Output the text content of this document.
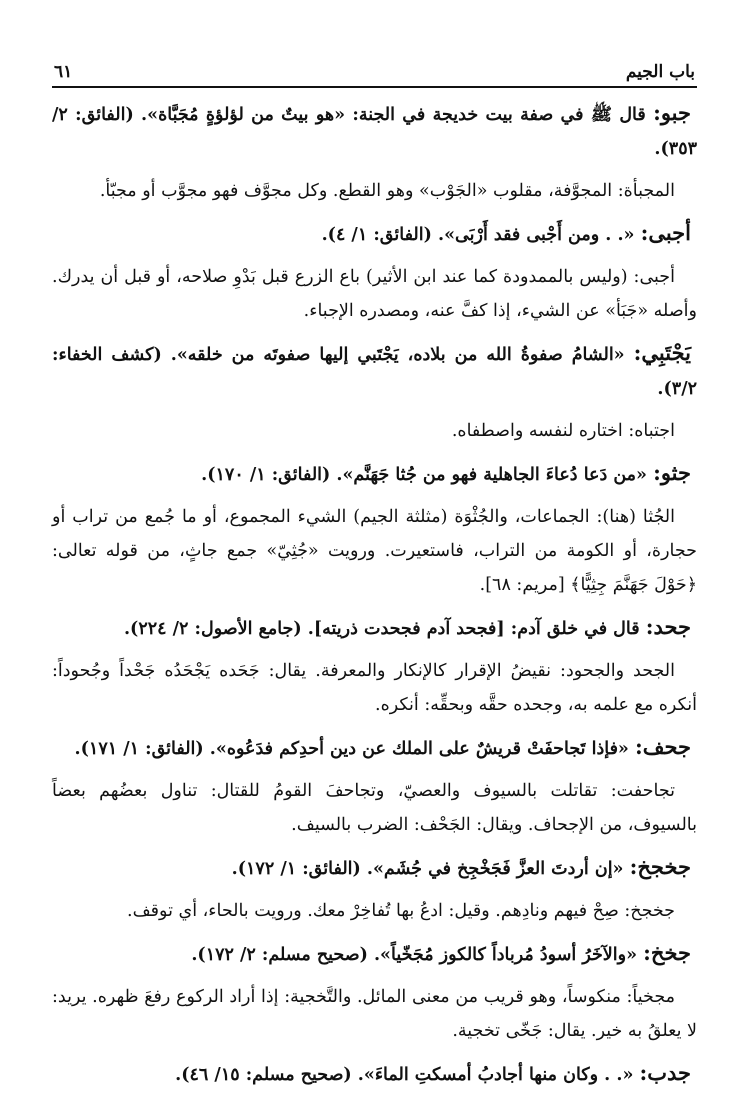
باب الجيم
٦١

جبو: قال ﷺ في صفة بيت خديجة في الجنة: «هو بيتٌ من لؤلؤةٍ مُجَبَّاة». (الفائق: ٢/ ٣٥٣).

المجبأة: المجوَّفة، مقلوب «الجَوْب» وهو القطع. وكل مجوَّف فهو مجوَّب أو مجبّأ.

أجبى: «. . ومن أَجْبى فقد أَرْبَى». (الفائق: ١/ ٤).

أجبى: (وليس بالممدودة كما عند ابن الأثير) باع الزرع قبل بَدْوِ صلاحه، أو قبل أن يدرك. وأصله «جَبَأ» عن الشيء، إذا كفَّ عنه، ومصدره الإجباء.

يَجْتَبِي: «الشامُ صفوةُ الله من بلاده، يَجْتَبي إليها صفوتَه من خلقه». (كشف الخفاء: ٣/٢).

اجتباه: اختاره لنفسه واصطفاه.

جثو: «من دَعا دُعاءَ الجاهلية فهو من جُثا جَهَنَّم». (الفائق: ١/ ١٧٠).

الجُثا (هنا): الجماعات، والجُثْوَة (مثلثة الجيم) الشيء المجموع، أو ما جُمع من تراب أو حجارة، أو الكومة من التراب، فاستعيرت. ورويت «جُثِيّ» جمع جاثٍ، من قوله تعالى: ﴿حَوْلَ جَهَنَّمَ جِثِيًّا﴾ [مريم: ٦٨].

جحد: قال في خلق آدم: [فجحد آدم فجحدت ذريته]. (جامع الأصول: ٢/ ٢٢٤).

الجحد والجحود: نقيضُ الإقرار كالإنكار والمعرفة. يقال: جَحَده يَجْحَدُه جَحْداً وجُحوداً: أنكره مع علمه به، وجحده حقَّه وبحقِّه: أنكره.

جحف: «فإذا تَجاحفَتْ قريشٌ على الملك عن دين أحدِكم فدَعُوه». (الفائق: ١/ ١٧١).

تجاحفت: تقاتلت بالسيوف والعصيّ، وتجاحفَ القومُ للقتال: تناول بعضُهم بعضاً بالسيوف، من الإجحاف. ويقال: الجَحْف: الضرب بالسيف.

جخجخ: «إن أردتَ العزَّ فَجَخْجِخ في جُشَم». (الفائق: ١/ ١٧٢).

جخجخ: صِحْ فيهم ونادِهم. وقيل: ادعُ بها تُفاخِرْ معك. ورويت بالحاء، أي توقف.

جخخ: «والآخَرُ أسودُ مُرباداً كالكوز مُجَخّياً». (صحيح مسلم: ٢/ ١٧٢).

مجخياً: منكوساً، وهو قريب من معنى المائل. والتَّخجية: إذا أراد الركوع رفعَ ظهره. يريد: لا يعلقُ به خير. يقال: جَخّى تخجية.

جدب: «. . وكان منها أجادبُ أمسكتِ الماءَ». (صحيح مسلم: ١٥/ ٤٦).
